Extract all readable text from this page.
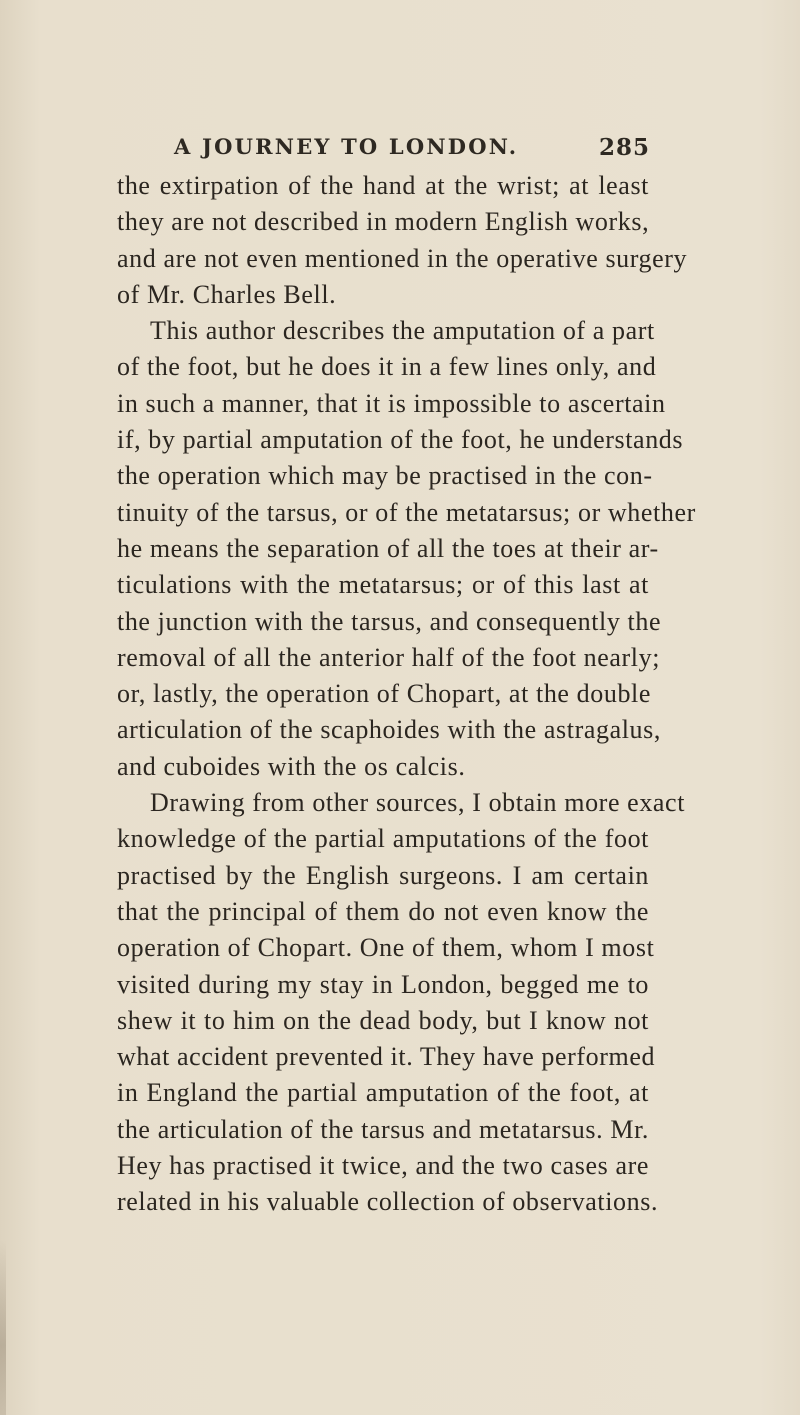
A JOURNEY TO LONDON.	285
the extirpation of the hand at the wrist; at least
they are not described in modern English works,
and are not even mentioned in the operative surgery
of Mr. Charles Bell.
This author describes the amputation of a part
of the foot, but he does it in a few lines only, and
in such a manner, that it is impossible to ascertain
if, by partial amputation of the foot, he understands
the operation which may be practised in the con-
tinuity of the tarsus, or of the metatarsus; or whether
he means the separation of all the toes at their ar-
ticulations with the metatarsus; or of this last at
the junction with the tarsus, and consequently the
removal of all the anterior half of the foot nearly;
or, lastly, the operation of Chopart, at the double
articulation of the scaphoides with the astragalus,
and cuboides with the os calcis.
Drawing from other sources, I obtain more exact
knowledge of the partial amputations of the foot
practised by the English surgeons. I am certain
that the principal of them do not even know the
operation of Chopart. One of them, whom I most
visited during my stay in London, begged me to
shew it to him on the dead body, but I know not
what accident prevented it. They have performed
in England the partial amputation of the foot, at
the articulation of the tarsus and metatarsus. Mr.
Hey has practised it twice, and the two cases are
related in his valuable collection of observations.
